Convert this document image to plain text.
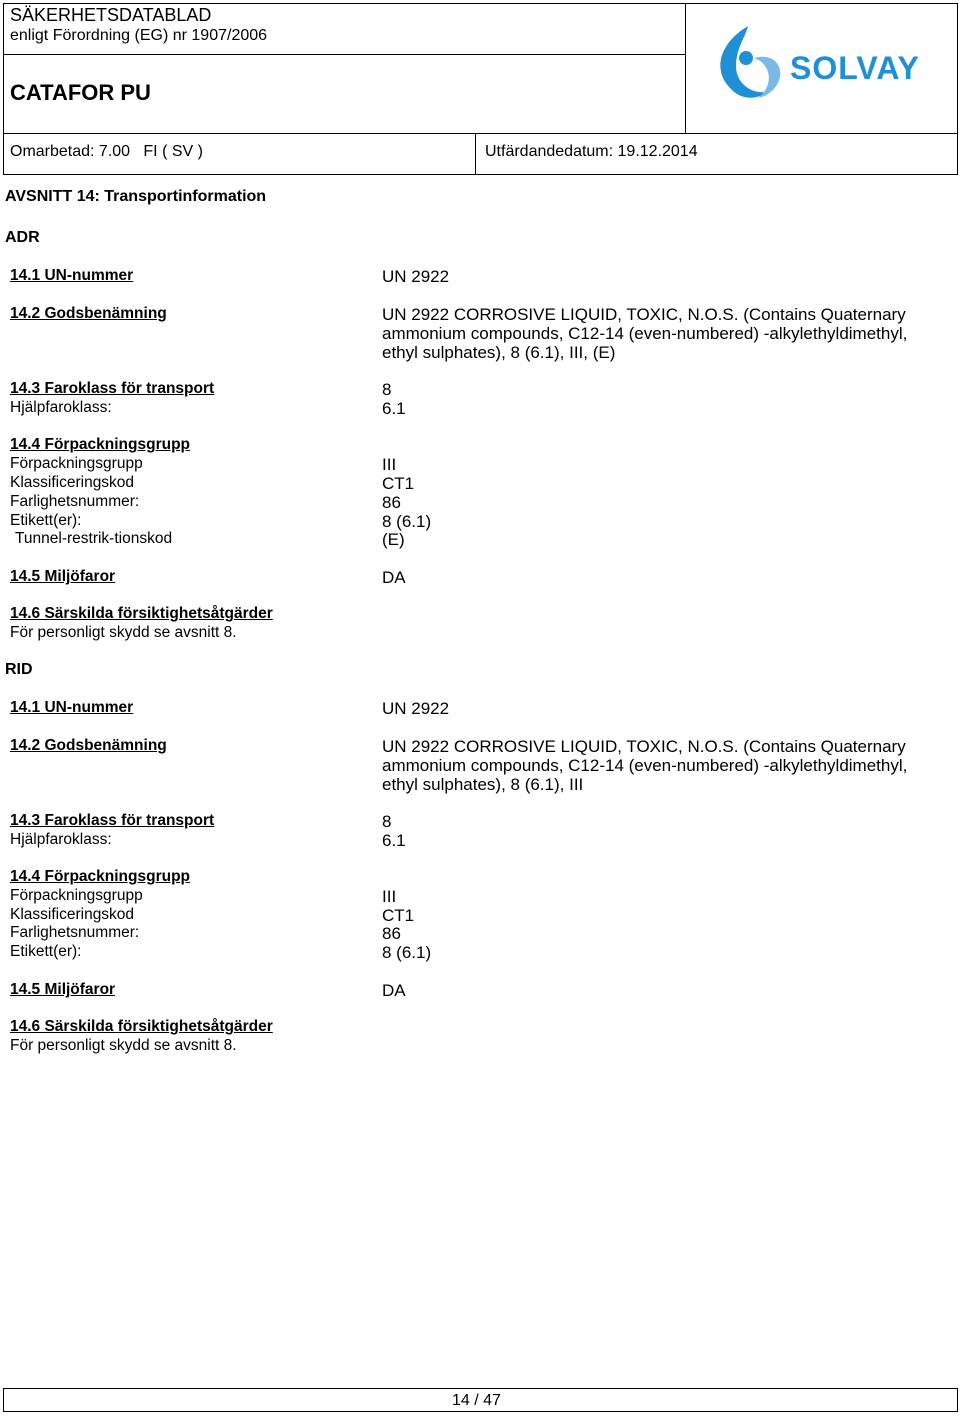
SÄKERHETSDATABLAD
enligt Förordning (EG) nr 1907/2006
CATAFOR PU
Omarbetad: 7.00   FI ( SV )	Utfärdandedatum: 19.12.2014
SOLVAY
AVSNITT 14: Transportinformation
ADR
14.1 UN-nummer	UN 2922
14.2 Godsbenämning	UN 2922 CORROSIVE LIQUID, TOXIC, N.O.S. (Contains Quaternary ammonium compounds, C12-14 (even-numbered) -alkylethyldimethyl, ethyl sulphates), 8 (6.1), III, (E)
14.3 Faroklass för transport	8
Hjälpfaroklass:	6.1
14.4 Förpackningsgrupp
Förpackningsgrupp	III
Klassificeringskod	CT1
Farlighetsnummer:	86
Etikett(er):	8 (6.1)
Tunnel-restrik-tionskod	(E)
14.5 Miljöfaror	DA
14.6 Särskilda försiktighetsåtgärder
För personligt skydd se avsnitt 8.
RID
14.1 UN-nummer	UN 2922
14.2 Godsbenämning	UN 2922 CORROSIVE LIQUID, TOXIC, N.O.S. (Contains Quaternary ammonium compounds, C12-14 (even-numbered) -alkylethyldimethyl, ethyl sulphates), 8 (6.1), III
14.3 Faroklass för transport	8
Hjälpfaroklass:	6.1
14.4 Förpackningsgrupp
Förpackningsgrupp	III
Klassificeringskod	CT1
Farlighetsnummer:	86
Etikett(er):	8 (6.1)
14.5 Miljöfaror	DA
14.6 Särskilda försiktighetsåtgärder
För personligt skydd se avsnitt 8.
14 / 47
